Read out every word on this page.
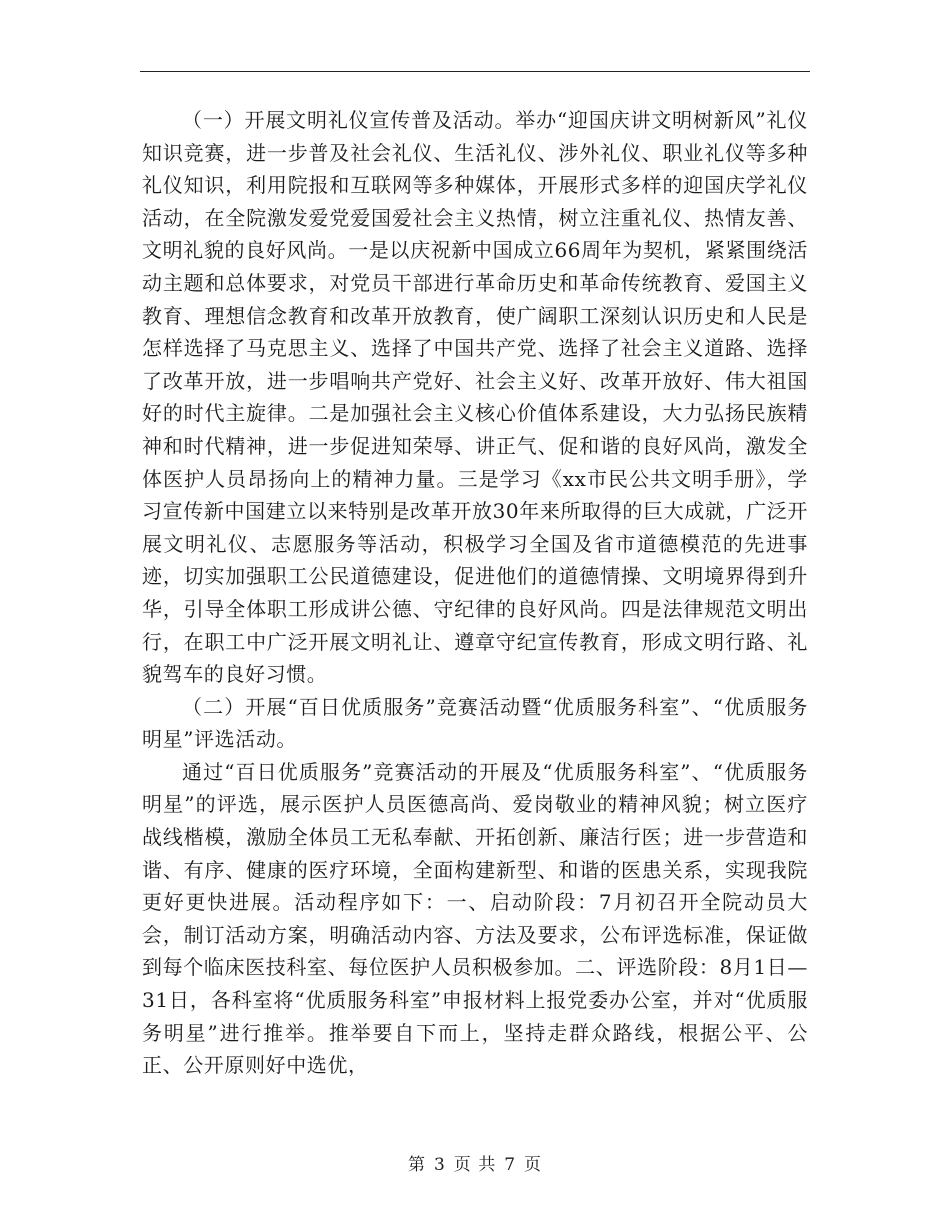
（一）开展文明礼仪宣传普及活动。举办“迎国庆讲文明树新风”礼仪知识竞赛，进一步普及社会礼仪、生活礼仪、涉外礼仪、职业礼仪等多种礼仪知识，利用院报和互联网等多种媒体，开展形式多样的迎国庆学礼仪活动，在全院激发爱党爱国爱社会主义热情，树立注重礼仪、热情友善、文明礼貌的良好风尚。一是以庆祝新中国成立66周年为契机，紧紧围绕活动主题和总体要求，对党员干部进行革命历史和革命传统教育、爱国主义教育、理想信念教育和改革开放教育，使广阔职工深刻认识历史和人民是怎样选择了马克思主义、选择了中国共产党、选择了社会主义道路、选择了改革开放，进一步唱响共产党好、社会主义好、改革开放好、伟大祖国好的时代主旋律。二是加强社会主义核心价值体系建设，大力弘扬民族精神和时代精神，进一步促进知荣辱、讲正气、促和谐的良好风尚，激发全体医护人员昂扬向上的精神力量。三是学习《xx市民公共文明手册》，学习宣传新中国建立以来特别是改革开放30年来所取得的巨大成就，广泛开展文明礼仪、志愿服务等活动，积极学习全国及省市道德模范的先进事迹，切实加强职工公民道德建设，促进他们的道德情操、文明境界得到升华，引导全体职工形成讲公德、守纪律的良好风尚。四是法律规范文明出行，在职工中广泛开展文明礼让、遵章守纪宣传教育，形成文明行路、礼貌驾车的良好习惯。

（二）开展“百日优质服务”竞赛活动暨“优质服务科室”、“优质服务明星”评选活动。

通过“百日优质服务”竞赛活动的开展及“优质服务科室”、“优质服务明星”的评选，展示医护人员医德高尚、爱岗敬业的精神风貌；树立医疗战线楷模，激励全体员工无私奉献、开拓创新、廉洁行医；进一步营造和谐、有序、健康的医疗环境，全面构建新型、和谐的医患关系，实现我院更好更快进展。活动程序如下：一、启动阶段：7月初召开全院动员大会，制订活动方案，明确活动内容、方法及要求，公布评选标准，保证做到每个临床医技科室、每位医护人员积极参加。二、评选阶段：8月1日—31日，各科室将“优质服务科室”申报材料上报党委办公室，并对“优质服务明星”进行推举。推举要自下而上，坚持走群众路线，根据公平、公正、公开原则好中选优，

第 3 页 共 7 页
